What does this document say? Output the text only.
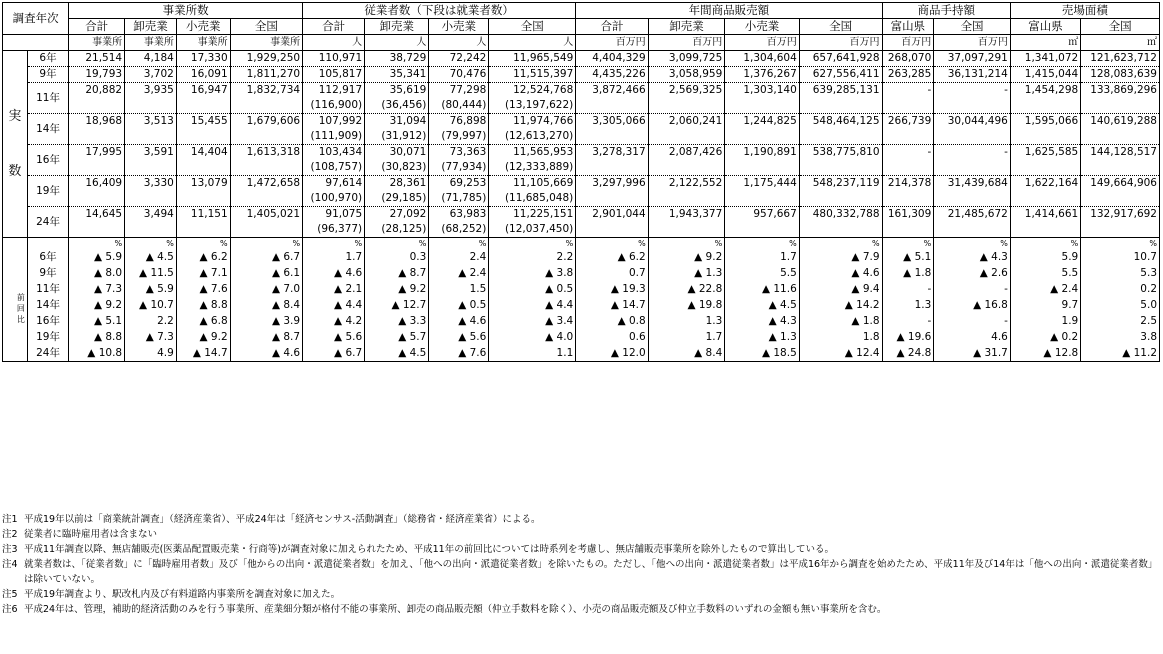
調査年次		事業所数				従業者数（下段は就業者数）				年間商品販売額				商品手持額		売場面積	
		合計	卸売業	小売業	全国	合計	卸売業	小売業	全国	合計	卸売業	小売業	全国	富山県	全国	富山県	全国
		事業所	事業所	事業所	事業所	人	人	人	人	百万円	百万円	百万円	百万円	百万円	百万円	㎡	㎡

実
数	6年	21,514	4,184	17,330	1,929,250	110,971	38,729	72,242	11,965,549	4,404,329	3,099,725	1,304,604	657,641,928	268,070	37,097,291	1,341,072	121,623,712
	9年	19,793	3,702	16,091	1,811,270	105,817	35,341	70,476	11,515,397	4,435,226	3,058,959	1,376,267	627,556,411	263,285	36,131,214	1,415,044	128,083,639
	11年	20,882	3,935	16,947	1,832,734	112,917	35,619	77,298	12,524,768	3,872,466	2,569,325	1,303,140	639,285,131	-	-	1,454,298	133,869,296
						(116,900)	(36,456)	(80,444)	(13,197,622)								
	14年	18,968	3,513	15,455	1,679,606	107,992	31,094	76,898	11,974,766	3,305,066	2,060,241	1,244,825	548,464,125	266,739	30,044,496	1,595,066	140,619,288
						(111,909)	(31,912)	(79,997)	(12,613,270)								
	16年	17,995	3,591	14,404	1,613,318	103,434	30,071	73,363	11,565,953	3,278,317	2,087,426	1,190,891	538,775,810	-	-	1,625,585	144,128,517
						(108,757)	(30,823)	(77,934)	(12,333,889)								
	19年	16,409	3,330	13,079	1,472,658	97,614	28,361	69,253	11,105,669	3,297,996	2,122,552	1,175,444	548,237,119	214,378	31,439,684	1,622,164	149,664,906
						(100,970)	(29,185)	(71,785)	(11,685,048)								
	24年	14,645	3,494	11,151	1,405,021	91,075	27,092	63,983	11,225,151	2,901,044	1,943,377	957,667	480,332,788	161,309	21,485,672	1,414,661	132,917,692
						(96,377)	(28,125)	(68,252)	(12,037,450)								

前
回
比		%	%	%	%	%	%	%	%	%	%	%	%	%	%	%	%
	6年	▲ 5.9	▲ 4.5	▲ 6.2	▲ 6.7	1.7	0.3	2.4	2.2	▲ 6.2	▲ 9.2	1.7	▲ 7.9	▲ 5.1	▲ 4.3	5.9	10.7
	9年	▲ 8.0	▲ 11.5	▲ 7.1	▲ 6.1	▲ 4.6	▲ 8.7	▲ 2.4	▲ 3.8	0.7	▲ 1.3	5.5	▲ 4.6	▲ 1.8	▲ 2.6	5.5	5.3
	11年	▲ 7.3	▲ 5.9	▲ 7.6	▲ 7.0	▲ 2.1	▲ 9.2	1.5	▲ 0.5	▲ 19.3	▲ 22.8	▲ 11.6	▲ 9.4	-	-	▲ 2.4	0.2
	14年	▲ 9.2	▲ 10.7	▲ 8.8	▲ 8.4	▲ 4.4	▲ 12.7	▲ 0.5	▲ 4.4	▲ 14.7	▲ 19.8	▲ 4.5	▲ 14.2	1.3	▲ 16.8	9.7	5.0
	16年	▲ 5.1	2.2	▲ 6.8	▲ 3.9	▲ 4.2	▲ 3.3	▲ 4.6	▲ 3.4	▲ 0.8	1.3	▲ 4.3	▲ 1.8	-	-	1.9	2.5
	19年	▲ 8.8	▲ 7.3	▲ 9.2	▲ 8.7	▲ 5.6	▲ 5.7	▲ 5.6	▲ 4.0	0.6	1.7	▲ 1.3	1.8	▲ 19.6	4.6	▲ 0.2	3.8
	24年	▲ 10.8	4.9	▲ 14.7	▲ 4.6	▲ 6.7	▲ 4.5	▲ 7.6	1.1	▲ 12.0	▲ 8.4	▲ 18.5	▲ 12.4	▲ 24.8	▲ 31.7	▲ 12.8	▲ 11.2
注1 平成19年以前は「商業統計調査」（経済産業省）、平成24年は「経済センサス-活動調査」（総務省・経済産業省）による。
注2 従業者に臨時雇用者は含まない
注3 平成11年調査以降、無店舗販売(医薬品配置販売業・行商等)が調査対象に加えられたため、平成11年の前回比については時系列を考慮し、無店舗販売事業所を除外したもので算出している。
注4 就業者数は、「従業者数」に「臨時雇用者数」及び「他からの出向・派遣従業者数」を加え、「他への出向・派遣従業者数」を除いたもの。ただし、「他への出向・派遣従業者数」は平成16年から調査を始めたため、平成11年及び14年は「他への出向・派遣従業者数」は除いていない。
注5 平成19年調査より、駅改札内及び有料道路内事業所を調査対象に加えた。
注6 平成24年は、管理，補助的経済活動のみを行う事業所、産業細分類が格付不能の事業所、卸売の商品販売額（仲立手数料を除く）、小売の商品販売額及び仲立手数料のいずれの金額も無い事業所を含む。
